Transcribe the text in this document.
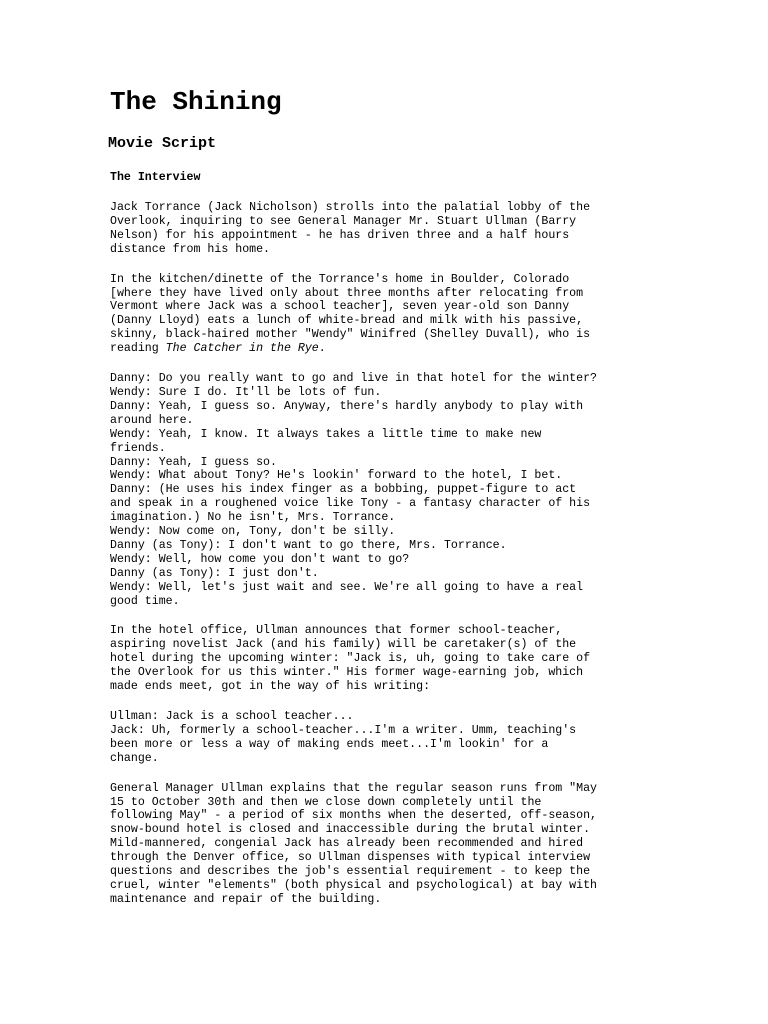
The Shining
Movie Script
The Interview
Jack Torrance (Jack Nicholson) strolls into the palatial lobby of the
Overlook, inquiring to see General Manager Mr. Stuart Ullman (Barry
Nelson) for his appointment - he has driven three and a half hours
distance from his home.
In the kitchen/dinette of the Torrance's home in Boulder, Colorado
[where they have lived only about three months after relocating from
Vermont where Jack was a school teacher], seven year-old son Danny
(Danny Lloyd) eats a lunch of white-bread and milk with his passive,
skinny, black-haired mother "Wendy" Winifred (Shelley Duvall), who is
reading The Catcher in the Rye.
Danny: Do you really want to go and live in that hotel for the winter?
Wendy: Sure I do. It'll be lots of fun.
Danny: Yeah, I guess so. Anyway, there's hardly anybody to play with
around here.
Wendy: Yeah, I know. It always takes a little time to make new
friends.
Danny: Yeah, I guess so.
Wendy: What about Tony? He's lookin' forward to the hotel, I bet.
Danny: (He uses his index finger as a bobbing, puppet-figure to act
and speak in a roughened voice like Tony - a fantasy character of his
imagination.) No he isn't, Mrs. Torrance.
Wendy: Now come on, Tony, don't be silly.
Danny (as Tony): I don't want to go there, Mrs. Torrance.
Wendy: Well, how come you don't want to go?
Danny (as Tony): I just don't.
Wendy: Well, let's just wait and see. We're all going to have a real
good time.
In the hotel office, Ullman announces that former school-teacher,
aspiring novelist Jack (and his family) will be caretaker(s) of the
hotel during the upcoming winter: "Jack is, uh, going to take care of
the Overlook for us this winter." His former wage-earning job, which
made ends meet, got in the way of his writing:
Ullman: Jack is a school teacher...
Jack: Uh, formerly a school-teacher...I'm a writer. Umm, teaching's
been more or less a way of making ends meet...I'm lookin' for a
change.
General Manager Ullman explains that the regular season runs from "May
15 to October 30th and then we close down completely until the
following May" - a period of six months when the deserted, off-season,
snow-bound hotel is closed and inaccessible during the brutal winter.
Mild-mannered, congenial Jack has already been recommended and hired
through the Denver office, so Ullman dispenses with typical interview
questions and describes the job's essential requirement - to keep the
cruel, winter "elements" (both physical and psychological) at bay with
maintenance and repair of the building.
